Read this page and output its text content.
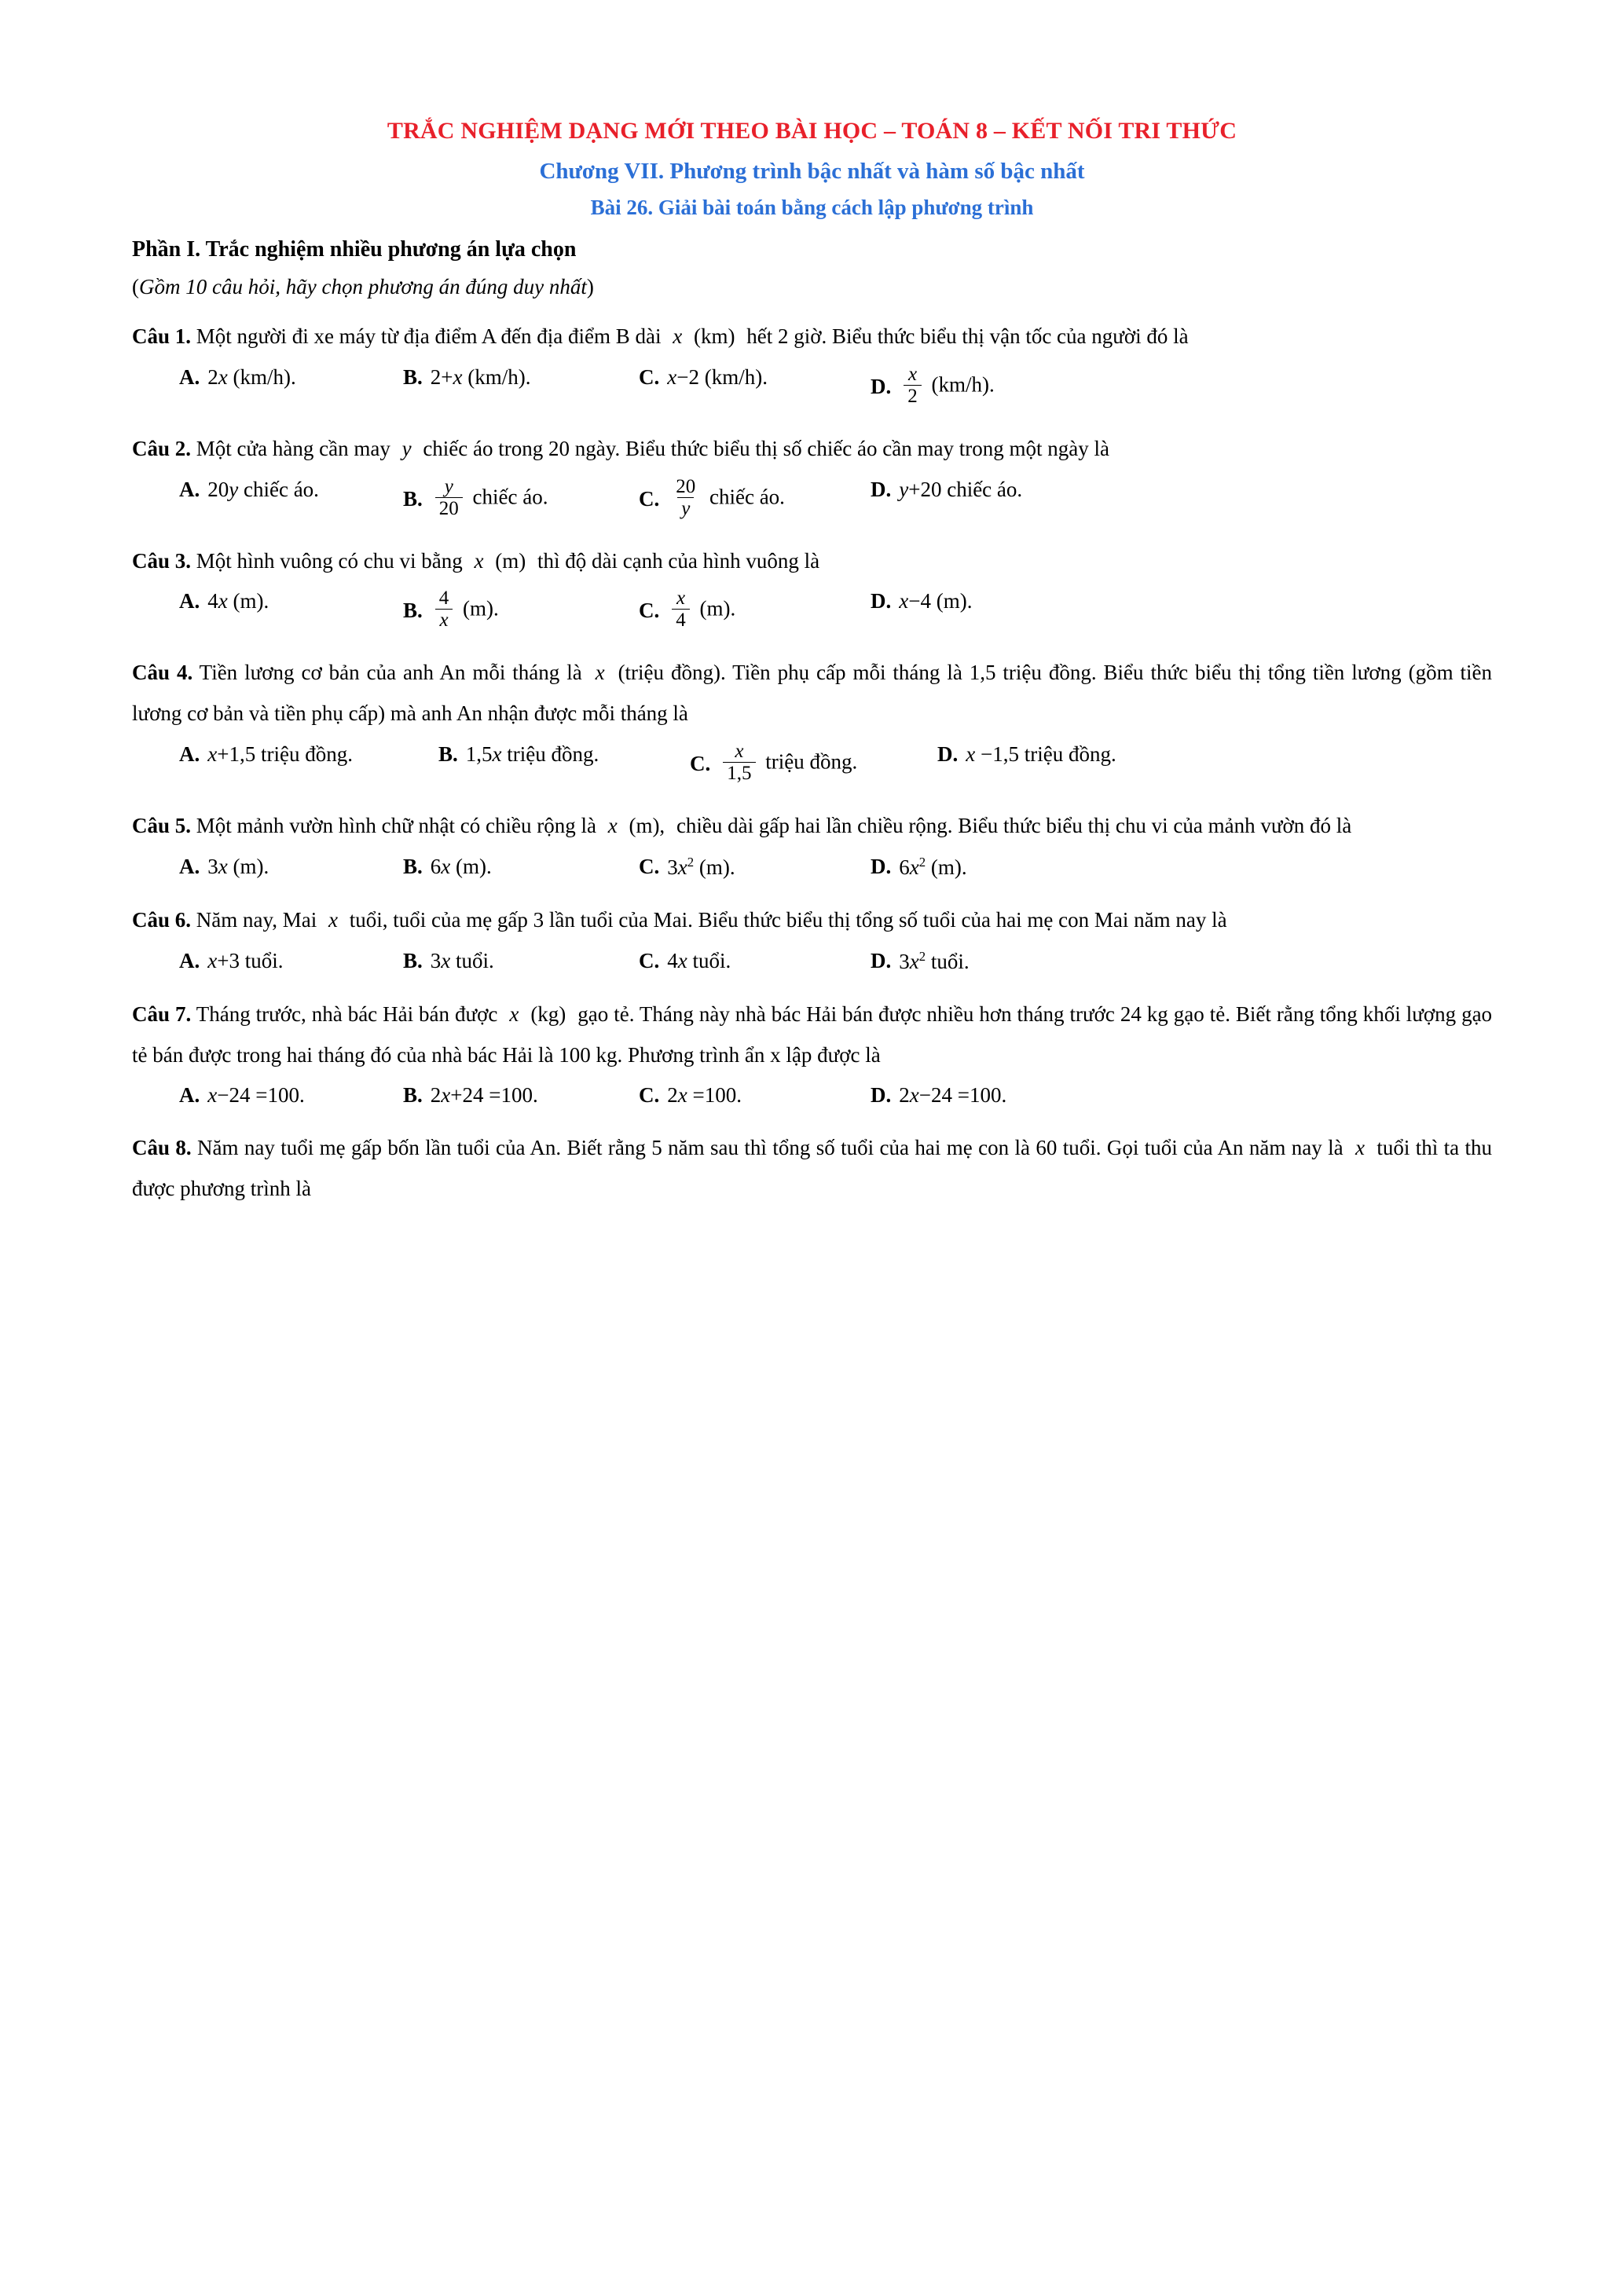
TRẮC NGHIỆM DẠNG MỚI THEO BÀI HỌC – TOÁN 8 – KẾT NỐI TRI THỨC
Chương VII. Phương trình bậc nhất và hàm số bậc nhất
Bài 26. Giải bài toán bằng cách lập phương trình
Phần I. Trắc nghiệm nhiều phương án lựa chọn
(Gồm 10 câu hỏi, hãy chọn phương án đúng duy nhất)
Câu 1. Một người đi xe máy từ địa điểm A đến địa điểm B dài x (km) hết 2 giờ. Biểu thức biểu thị vận tốc của người đó là
A. 2x (km/h).	B. 2+x (km/h).	C. x−2 (km/h).	D. $\frac{x}{2} (km/h)$.
Câu 2. Một cửa hàng cần may y chiếc áo trong 20 ngày. Biểu thức biểu thị số chiếc áo cần may trong một ngày là
A. 20y chiếc áo.	B. $\frac{y}{20}$ chiếc áo.	C. $\frac{20}{y}$ chiếc áo.	D. y+20 chiếc áo.
Câu 3. Một hình vuông có chu vi bằng x (m) thì độ dài cạnh của hình vuông là
A. 4x (m).	B. $\frac{4}{x} (m)$.	C. $\frac{x}{4} (m)$.	D. x−4 (m).
Câu 4. Tiền lương cơ bản của anh An mỗi tháng là x (triệu đồng). Tiền phụ cấp mỗi tháng là 1,5 triệu đồng. Biểu thức biểu thị tổng tiền lương (gồm tiền lương cơ bản và tiền phụ cấp) mà anh An nhận được mỗi tháng là
A. x+1,5 triệu đồng.	B. 1,5x triệu đồng.	C. $\frac{x}{1,5}$ triệu đồng.	D. x −1,5 triệu đồng.
Câu 5. Một mảnh vườn hình chữ nhật có chiều rộng là x (m), chiều dài gấp hai lần chiều rộng. Biểu thức biểu thị chu vi của mảnh vườn đó là
A. 3x (m).	B. 6x (m).	C. $3x^2$ (m).	D. $6x^2$ (m).
Câu 6. Năm nay, Mai x tuổi, tuổi của mẹ gấp 3 lần tuổi của Mai. Biểu thức biểu thị tổng số tuổi của hai mẹ con Mai năm nay là
A. x+3 tuổi.	B. 3x tuổi.	C. 4x tuổi.	D. $3x^2$ tuổi.
Câu 7. Tháng trước, nhà bác Hải bán được x (kg) gạo tẻ. Tháng này nhà bác Hải bán được nhiều hơn tháng trước 24 kg gạo tẻ. Biết rằng tổng khối lượng gạo tẻ bán được trong hai tháng đó của nhà bác Hải là 100 kg. Phương trình ẩn x lập được là
A. x−24 =100.	B. 2x+24 =100.	C. 2x =100.	D. 2x−24 =100.
Câu 8. Năm nay tuổi mẹ gấp bốn lần tuổi của An. Biết rằng 5 năm sau thì tổng số tuổi của hai mẹ con là 60 tuổi. Gọi tuổi của An năm nay là x tuổi thì ta thu được phương trình là
